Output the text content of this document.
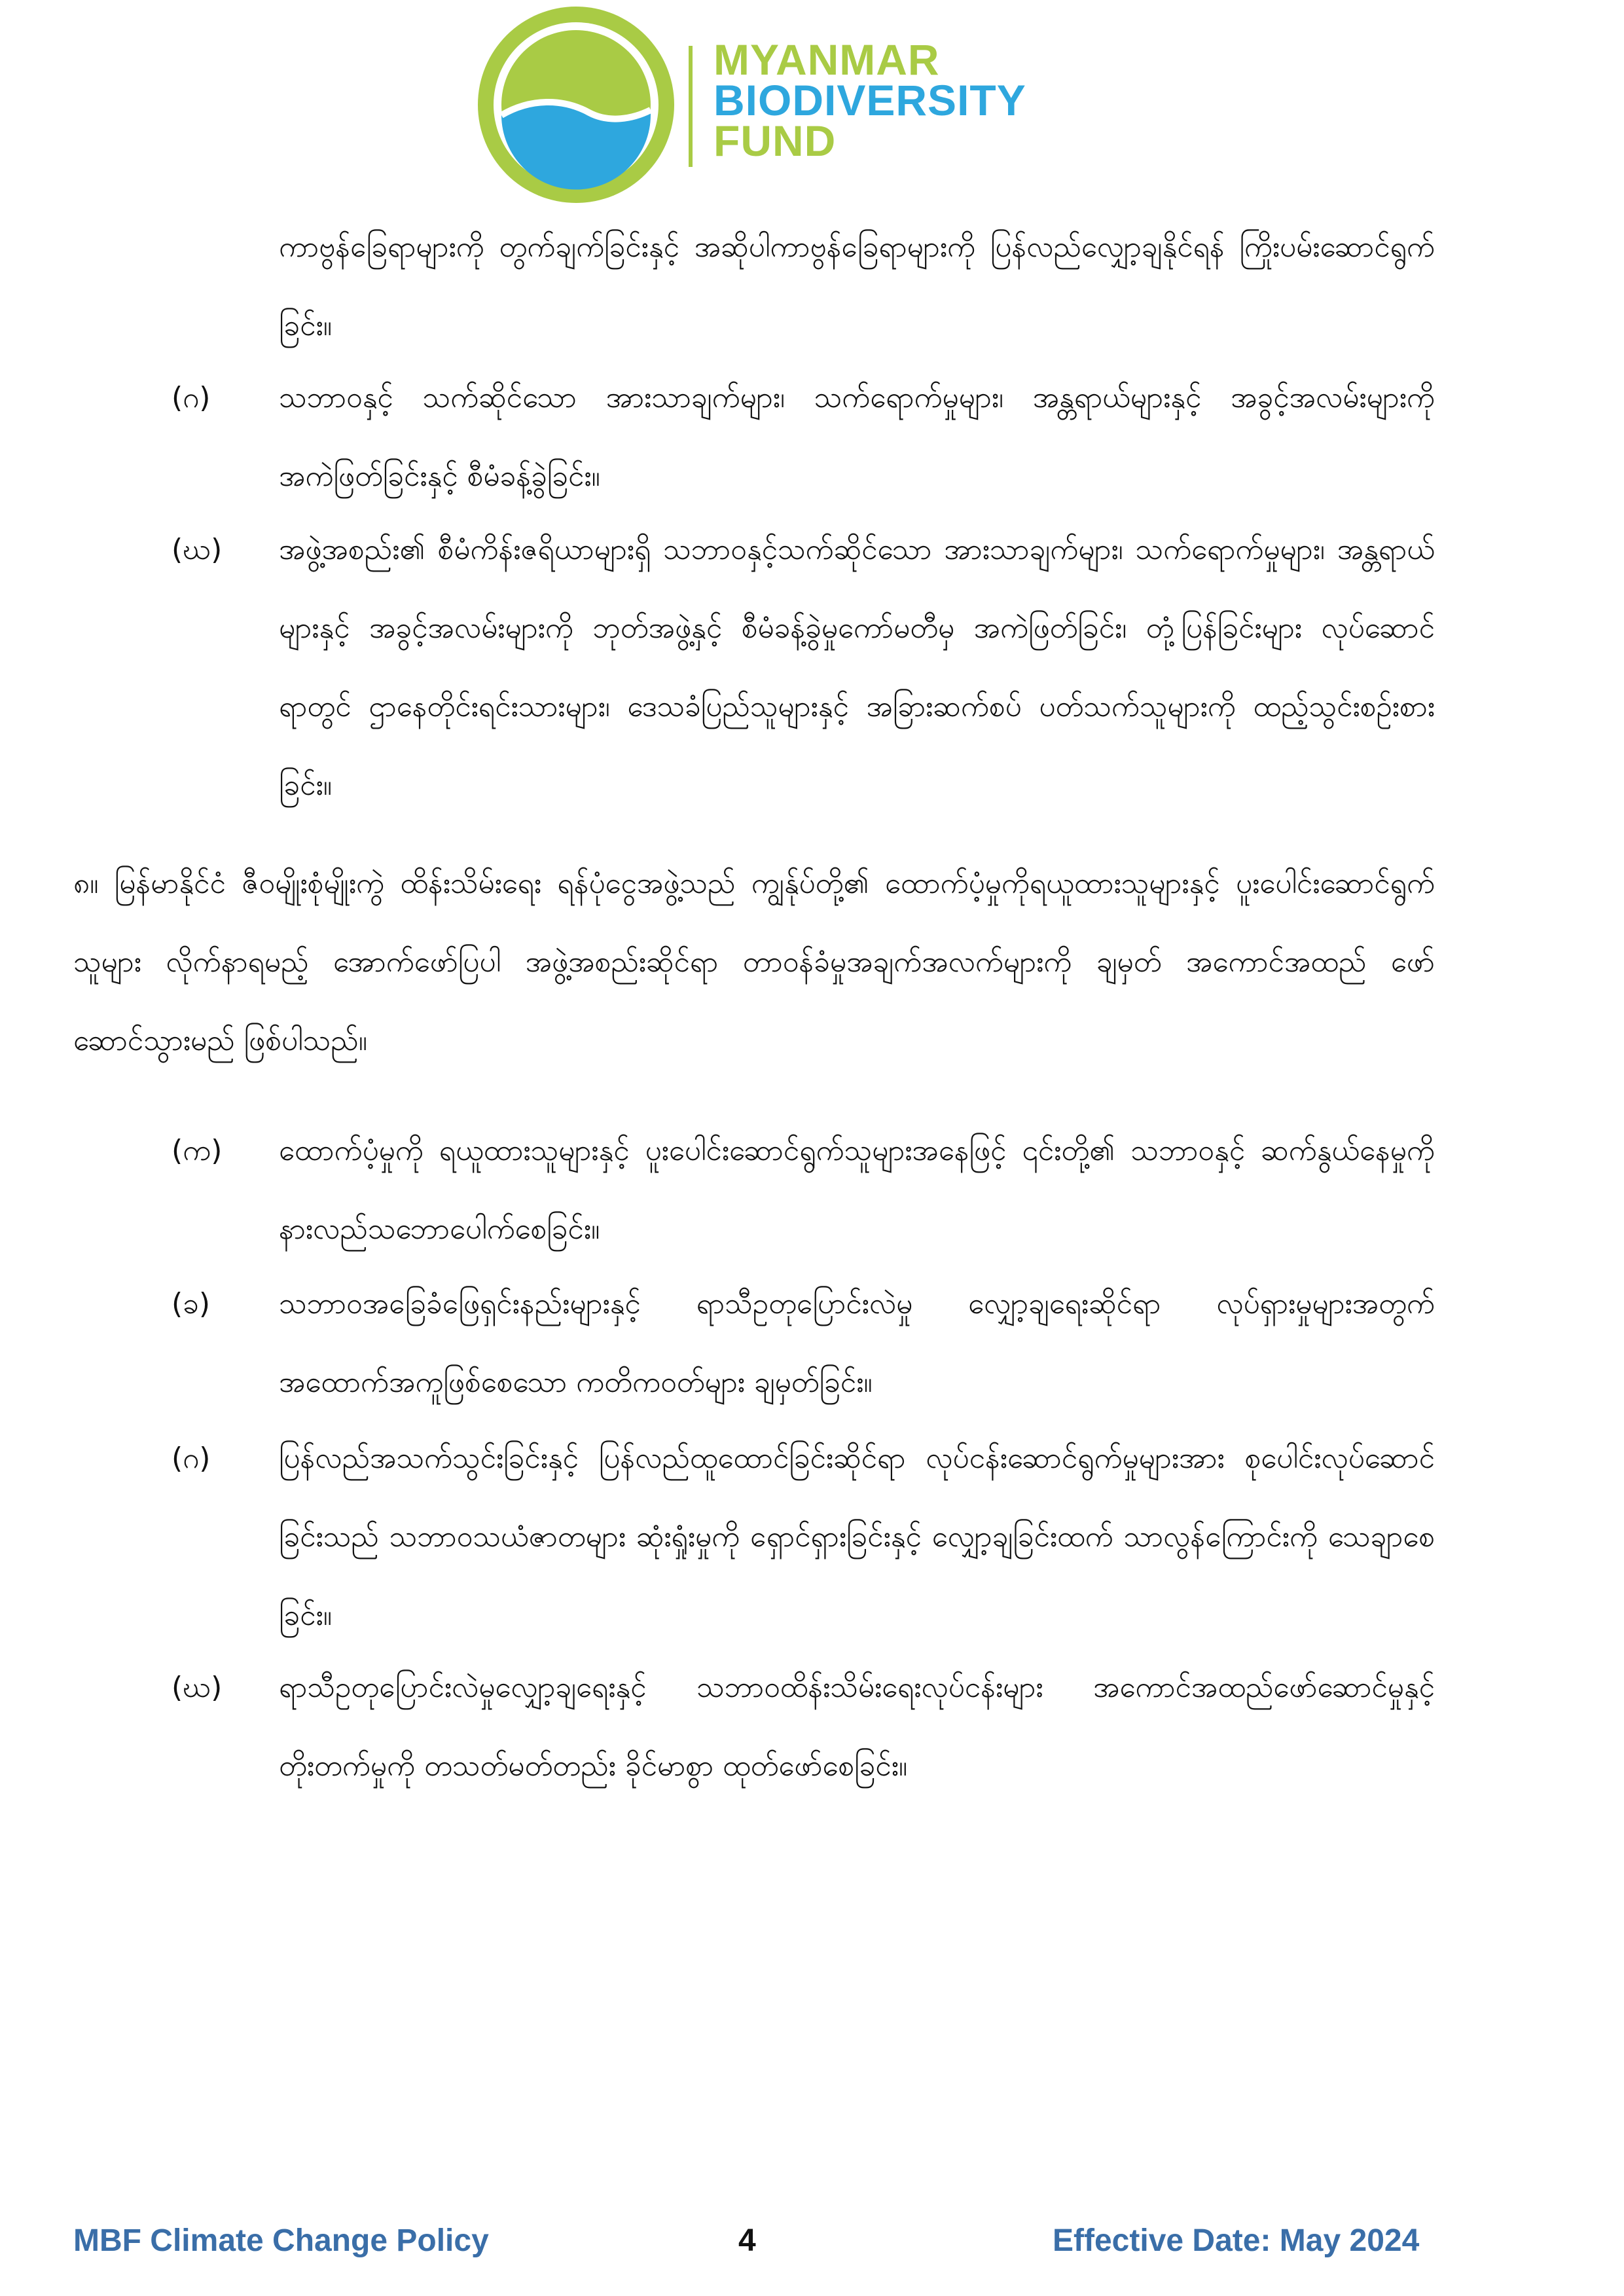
MYANMAR
BIODIVERSITY
FUND

ကာဗွန်ခြေရာများကို တွက်ချက်ခြင်းနှင့် အဆိုပါကာဗွန်ခြေရာများကို ပြန်လည်လျှော့ချနိုင်ရန် ကြိုးပမ်းဆောင်ရွက် ခြင်း။

(ဂ)	သဘာဝနှင့် သက်ဆိုင်သော အားသာချက်များ၊ သက်ရောက်မှုများ၊ အန္တရာယ်များနှင့် အခွင့်အလမ်းများကို အကဲဖြတ်ခြင်းနှင့် စီမံခန့်ခွဲခြင်း။
(ဃ)	အဖွဲ့အစည်း၏ စီမံကိန်းဇရိယာများရှိ သဘာဝနှင့်သက်ဆိုင်သော အားသာချက်များ၊ သက်ရောက်မှုများ၊ အန္တရာယ်များနှင့် အခွင့်အလမ်းများကို ဘုတ်အဖွဲ့နှင့် စီမံခန့်ခွဲမှုကော်မတီမှ အကဲဖြတ်ခြင်း၊ တုံ့ပြန်ခြင်းများ လုပ်ဆောင်ရာတွင် ဌာနေတိုင်းရင်းသားများ၊ ဒေသခံပြည်သူများနှင့် အခြားဆက်စပ် ပတ်သက်သူများကို ထည့်သွင်းစဉ်းစားခြင်း။

၈။ မြန်မာနိုင်ငံ ဇီဝမျိုးစုံမျိုးကွဲ ထိန်းသိမ်းရေး ရန်ပုံငွေအဖွဲ့သည် ကျွန်ုပ်တို့၏ ထောက်ပံ့မှုကိုရယူထားသူများနှင့် ပူးပေါင်းဆောင်ရွက်သူများ လိုက်နာရမည့် အောက်ဖော်ပြပါ အဖွဲ့အစည်းဆိုင်ရာ တာဝန်ခံမှုအချက်အလက်များကို ချမှတ် အကောင်အထည် ဖော်ဆောင်သွားမည် ဖြစ်ပါသည်။

(က)	ထောက်ပံ့မှုကို ရယူထားသူများနှင့် ပူးပေါင်းဆောင်ရွက်သူများအနေဖြင့် ၎င်းတို့၏ သဘာဝနှင့် ဆက်နွယ်နေမှုကို နားလည်သဘောပေါက်စေခြင်း။
(ခ)	သဘာဝအခြေခံဖြေရှင်းနည်းများနှင့် ရာသီဥတုပြောင်းလဲမှု လျှော့ချရေးဆိုင်ရာ လုပ်ရှားမှုများအတွက် အထောက်အကူဖြစ်စေသော ကတိကဝတ်များ ချမှတ်ခြင်း။
(ဂ)	ပြန်လည်အသက်သွင်းခြင်းနှင့် ပြန်လည်ထူထောင်ခြင်းဆိုင်ရာ လုပ်ငန်းဆောင်ရွက်မှုများအား စုပေါင်းလုပ်ဆောင်ခြင်းသည် သဘာဝသယံဇာတများ ဆုံးရှုံးမှုကို ရှောင်ရှားခြင်းနှင့် လျှော့ချခြင်းထက် သာလွန်ကြောင်းကို သေချာစေခြင်း။
(ဃ)	ရာသီဥတုပြောင်းလဲမှုလျှော့ချရေးနှင့် သဘာဝထိန်းသိမ်းရေးလုပ်ငန်းများ အကောင်အထည်ဖော်ဆောင်မှုနှင့် တိုးတက်မှုကို တသတ်မတ်တည်း ခိုင်မာစွာ ထုတ်ဖော်စေခြင်း။
MBF Climate Change Policy	4	Effective Date: May 2024
